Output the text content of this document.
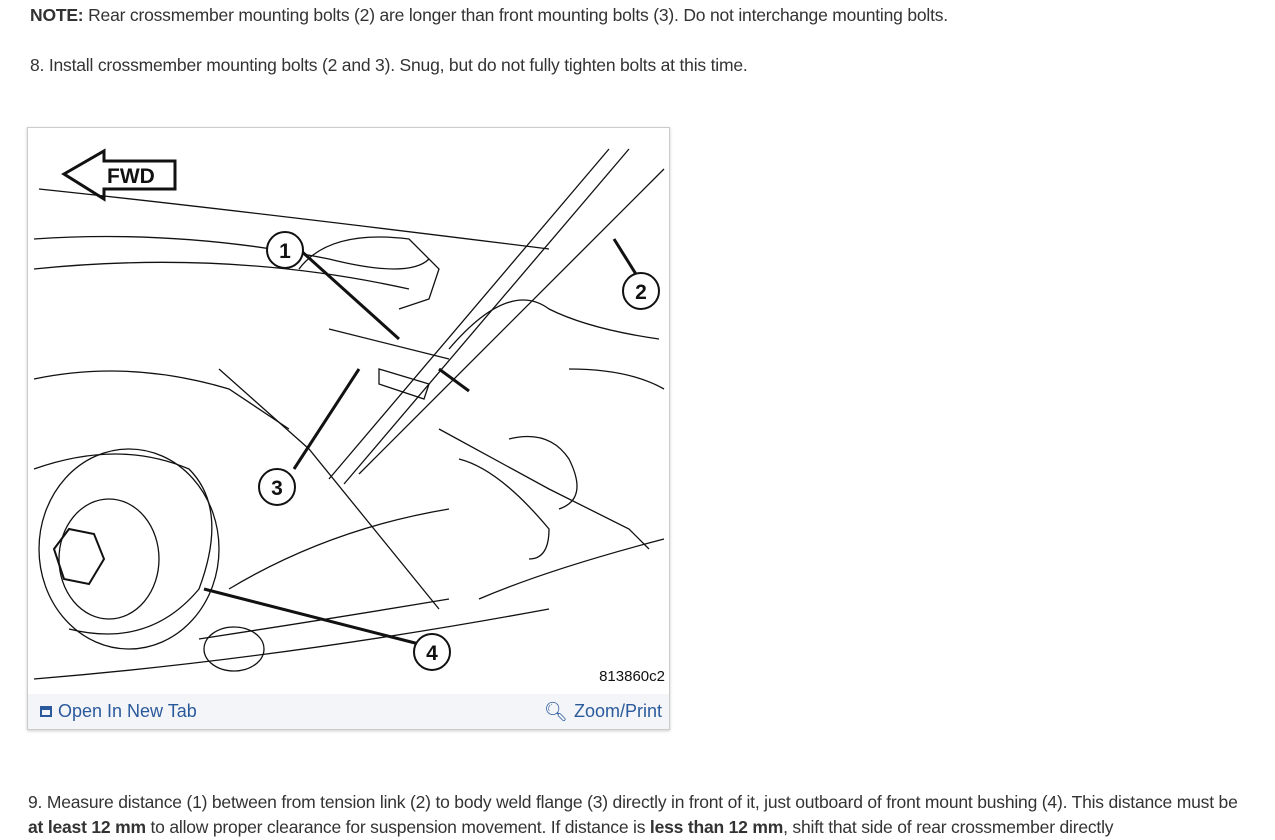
NOTE: Rear crossmember mounting bolts (2) are longer than front mounting bolts (3). Do not interchange mounting bolts.
8. Install crossmember mounting bolts (2 and 3). Snug, but do not fully tighten bolts at this time.
FWD
1
2
3
4
813860c2
Open In New Tab	🔍︎ Zoom/Print
9. Measure distance (1) between from tension link (2) to body weld flange (3) directly in front of it, just outboard of front mount bushing (4). This distance must be at least 12 mm to allow proper clearance for suspension movement. If distance is less than 12 mm, shift that side of rear crossmember directly
